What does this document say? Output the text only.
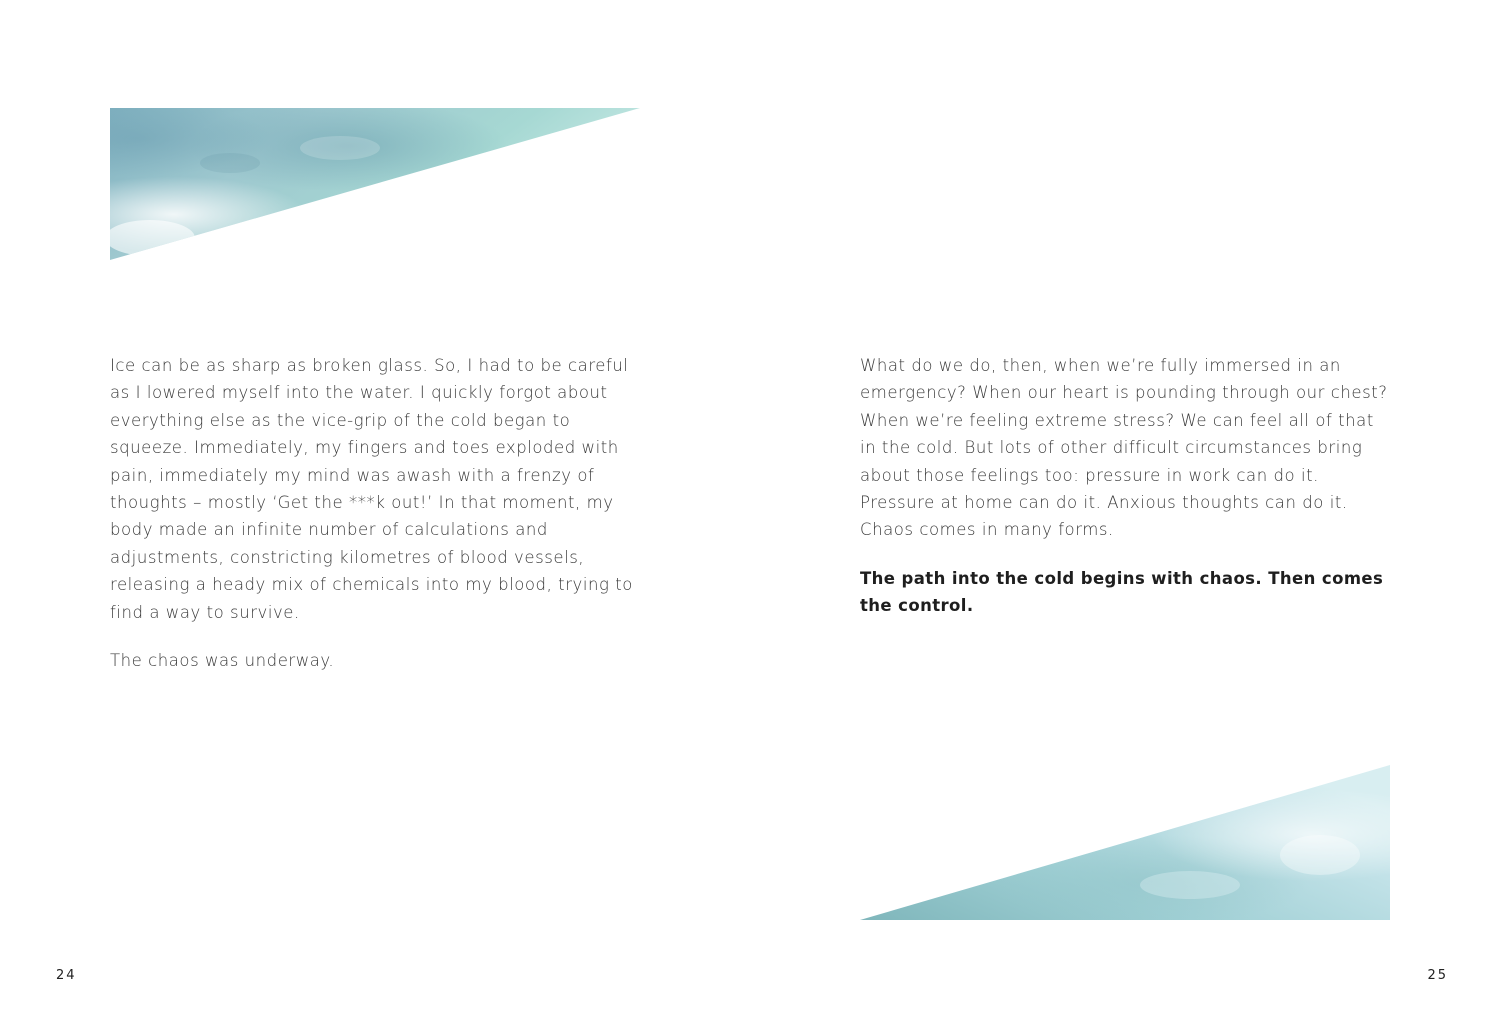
Ice can be as sharp as broken glass. So, I had to be careful as I lowered myself into the water. I quickly forgot about everything else as the vice-grip of the cold began to squeeze. Immediately, my fingers and toes exploded with pain, immediately my mind was awash with a frenzy of thoughts – mostly ‘Get the ***k out!’ In that moment, my body made an infinite number of calculations and adjustments, constricting kilometres of blood vessels, releasing a heady mix of chemicals into my blood, trying to find a way to survive.

The chaos was underway.

What do we do, then, when we’re fully immersed in an emergency? When our heart is pounding through our chest? When we’re feeling extreme stress? We can feel all of that in the cold. But lots of other difficult circumstances bring about those feelings too: pressure in work can do it. Pressure at home can do it. Anxious thoughts can do it. Chaos comes in many forms.

The path into the cold begins with chaos. Then comes the control.

24	25
